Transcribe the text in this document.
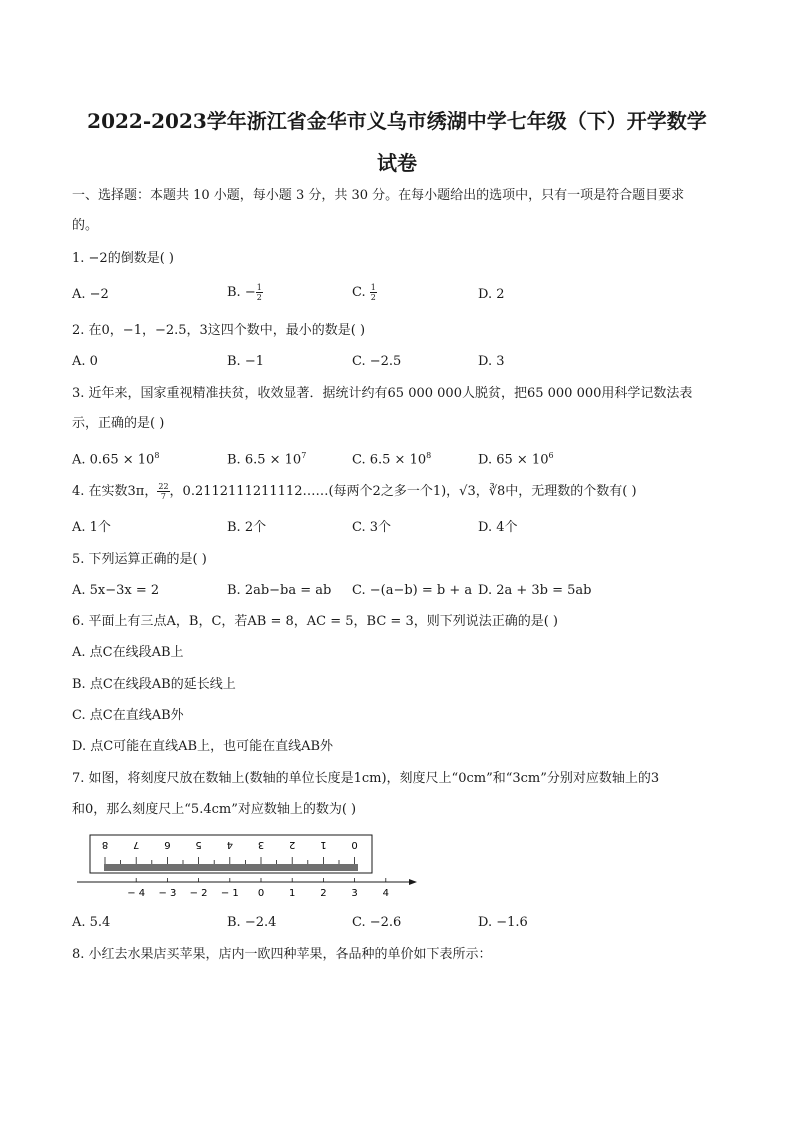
2022-2023学年浙江省金华市义乌市绣湖中学七年级（下）开学数学
试卷
一、选择题：本题共 10 小题，每小题 3 分，共 30 分。在每小题给出的选项中，只有一项是符合题目要求
的。
1. −2的倒数是( )
A. −2	B. − $\frac{1}{2}$	C. $\frac{1}{2}$	D. 2
2. 在0，−1，−2.5，3这四个数中，最小的数是( )
A. 0	B. −1	C. −2.5	D. 3
3. 近年来，国家重视精准扶贫，收效显著．据统计约有65 000 000人脱贫，把65 000 000用科学记数法表
示，正确的是( )
A. $0.65 \times 10^8$	B. $6.5 \times 10^7$	C. $6.5 \times 10^8$	D. $65 \times 10^6$
4. 在实数3π， $\frac{22}{7}$ ，0.2112111211112……(每两个2之多一个1)，√3，∛8中，无理数的个数有( )
A. 1个	B. 2个	C. 3个	D. 4个
5. 下列运算正确的是( )
A. 5x−3x = 2	B. 2ab−ba = ab C. −(a−b) = b + a D. 2a + 3b = 5ab
6. 平面上有三点A，B，C，若AB = 8，AC = 5，BC = 3，则下列说法正确的是( )
A. 点C在线段AB上
B. 点C在线段AB的延长线上
C. 点C在直线AB外
D. 点C可能在直线AB上，也可能在直线AB外
7. 如图，将刻度尺放在数轴上(数轴的单位长度是1cm)，刻度尺上“0cm”和“3cm”分别对应数轴上的3
和0，那么刻度尺上“5.4cm”对应数轴上的数为( )
8 7 6 5 4 3 2 1 0
− 4 − 3 − 2 − 1 0 1 2 3 4
A. 5.4	B. −2.4	C. −2.6	D. −1.6
8. 小红去水果店买苹果，店内一欧四种苹果，各品种的单价如下表所示：
